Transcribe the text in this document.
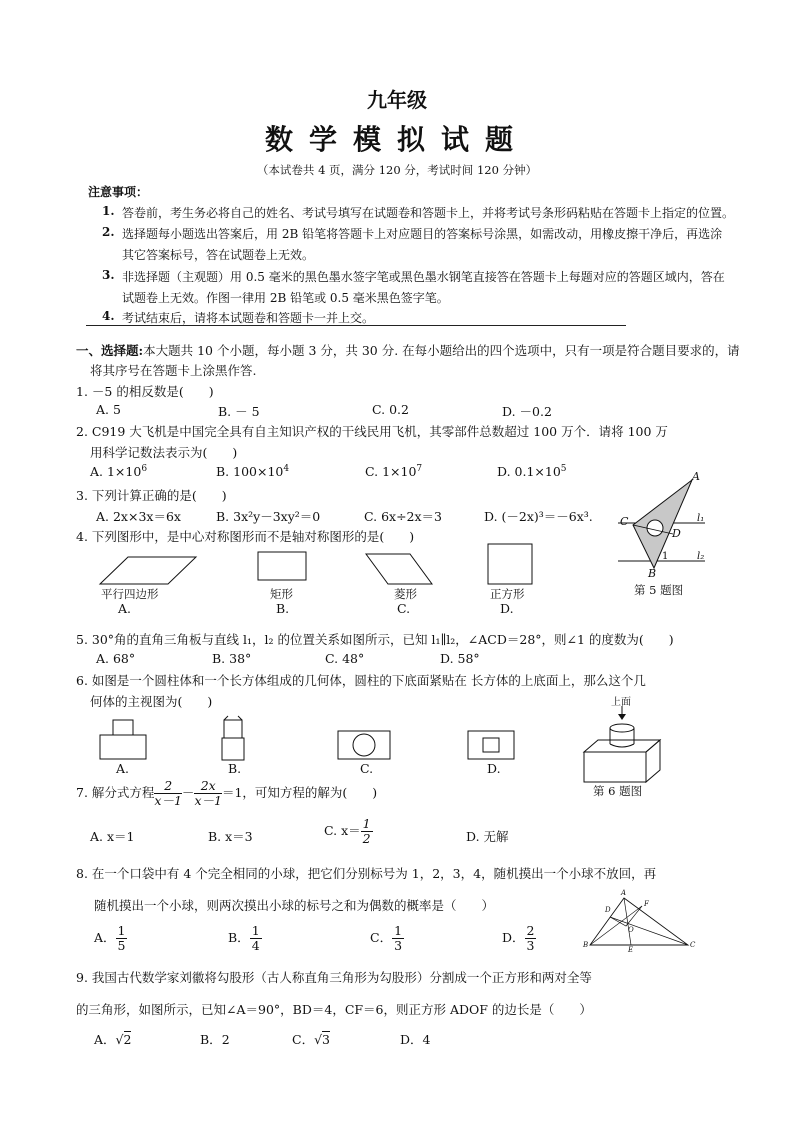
九年级
数学模拟试题
（本试卷共 4 页，满分 120 分，考试时间 120 分钟）
注意事项：
1. 答卷前，考生务必将自己的姓名、考试号填写在试题卷和答题卡上，并将考试号条形码粘贴在答题卡上指定的位置。
2. 选择题每小题选出答案后，用 2B 铅笔将答题卡上对应题目的答案标号涂黑，如需改动，用橡皮擦干净后，再选涂
其它答案标号，答在试题卷上无效。
3. 非选择题（主观题）用 0.5 毫米的黑色墨水签字笔或黑色墨水钢笔直接答在答题卡上每题对应的答题区域内，答在
试题卷上无效。作图一律用 2B 铅笔或 0.5 毫米黑色签字笔。
4. 考试结束后，请将本试题卷和答题卡一并上交。
一、选择题:本大题共 10 个小题，每小题 3 分，共 30 分. 在每小题给出的四个选项中，只有一项是符合题目要求的，请
将其序号在答题卡上涂黑作答.
1. －5 的相反数是(　　)
A. 5	B. － 5	C. 0.2	D. －0.2
2. C919 大飞机是中国完全具有自主知识产权的干线民用飞机，其零部件总数超过 100 万个．请将 100 万
用科学记数法表示为(　　)
A. $1\times 10^6$	B. $100\times 10^4$	C. $1\times 10^7$	D. $0.1\times 10^5$
3. 下列计算正确的是(　　)
A. 2x×3x＝6x	B. 3x²y－3xy²＝0	C. 6x÷2x＝3	D. (－2x)³＝－6x³.
4. 下列图形中，是中心对称图形而不是轴对称图形的是(　　)
平行四边形
A.
矩形
B.
菱形
C.
正方形
D.
A
C
D
B
1
l₁
l₂
第 5 题图
5. 30°角的直角三角板与直线 l₁，l₂ 的位置关系如图所示，已知 l₁∥l₂，∠ACD＝28°，则∠1 的度数为(　　)
A. 68°	B. 38°	C. 48°	D. 58°
6. 如图是一个圆柱体和一个长方体组成的几何体，圆柱的下底面紧贴在 长方体的上底面上，那么这个几
何体的主视图为(　　)
A.	B.	C.	D.
上面
第 6 题图
7. 解分式方程 $\frac{2}{x-1} - \frac{2x}{x-1} =1$，可知方程的解为(　　)
A. x＝1	B. x＝3	C. $x= \frac{1}{2}$	D. 无解
8. 在一个口袋中有 4 个完全相同的小球，把它们分别标号为 1，2，3，4，随机摸出一个小球不放回，再
随机摸出一个小球，则两次摸出小球的标号之和为偶数的概率是（　　）
A． $\frac{1}{5}$	B． $\frac{1}{4}$	C． $\frac{1}{3}$	D． $\frac{2}{3}$
A
D
F
O
B
E
C
9. 我国古代数学家刘徽将勾股形（古人称直角三角形为勾股形）分割成一个正方形和两对全等
的三角形，如图所示，已知∠A＝90°，BD＝4，CF＝6，则正方形 ADOF 的边长是（　　）
A．√2	B．2	C．√3	D．4
